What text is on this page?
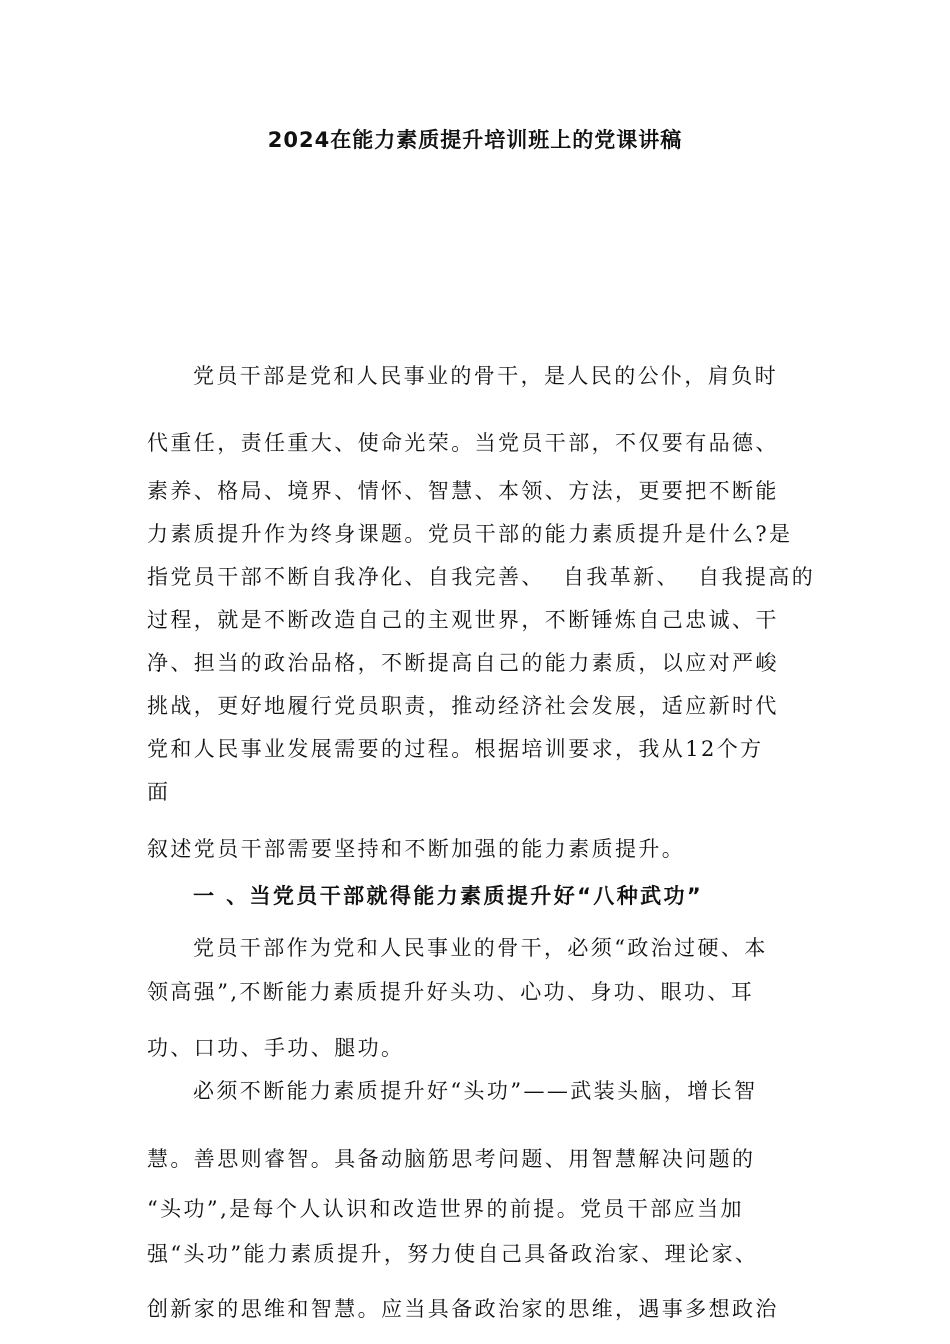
2024在能力素质提升培训班上的党课讲稿
党员干部是党和人民事业的骨干，是人民的公仆，肩负时
代重任，责任重大、使命光荣。当党员干部，不仅要有品德、
素养、格局、境界、情怀、智慧、本领、方法，更要把不断能
力素质提升作为终身课题。党员干部的能力素质提升是什么?是
指党员干部不断自我净化、自我完善、  自我革新、  自我提高的
过程，就是不断改造自己的主观世界，不断锤炼自己忠诚、干
净、担当的政治品格，不断提高自己的能力素质，以应对严峻
挑战，更好地履行党员职责，推动经济社会发展，适应新时代
党和人民事业发展需要的过程。根据培训要求，我从12个方
面
叙述党员干部需要坚持和不断加强的能力素质提升。
一 、当党员干部就得能力素质提升好“八种武功”
党员干部作为党和人民事业的骨干，必须“政治过硬、本
领高强”,不断能力素质提升好头功、心功、身功、眼功、耳
功、口功、手功、腿功。
必须不断能力素质提升好“头功”——武装头脑，增长智
慧。善思则睿智。具备动脑筋思考问题、用智慧解决问题的
“头功”,是每个人认识和改造世界的前提。党员干部应当加
强“头功”能力素质提升，努力使自己具备政治家、理论家、
创新家的思维和智慧。应当具备政治家的思维，遇事多想政治
